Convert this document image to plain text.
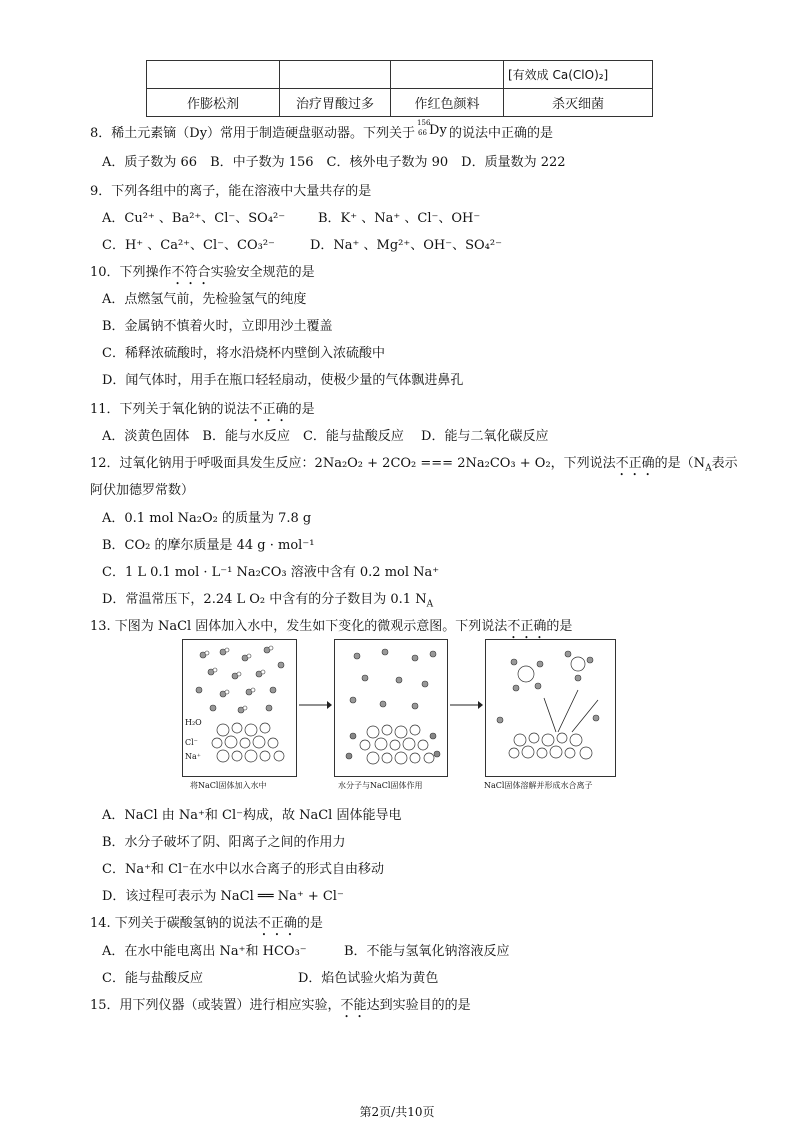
			[有效成 Ca(ClO)₂]
作膨松剂	治疗胃酸过多	作红色颜料	杀灭细菌
8．稀土元素镝（Dy）常用于制造硬盘驱动器。下列关于
156
66 Dy 的说法中正确的是
A．质子数为 66　B．中子数为 156　C．核外电子数为 90　D．质量数为 222
9．下列各组中的离子，能在溶液中大量共存的是
A．Cu²⁺ 、Ba²⁺、Cl⁻、SO₄²⁻	B．K⁺ 、Na⁺ 、Cl⁻、OH⁻
C．H⁺ 、Ca²⁺、Cl⁻、CO₃²⁻	D．Na⁺ 、Mg²⁺、OH⁻、SO₄²⁻
10．下列操作不符合实验安全规范的是
A．点燃氢气前，先检验氢气的纯度
B．金属钠不慎着火时，立即用沙土覆盖
C．稀释浓硫酸时，将水沿烧杯内壁倒入浓硫酸中
D．闻气体时，用手在瓶口轻轻扇动，使极少量的气体飘进鼻孔
11．下列关于氧化钠的说法不正确的是
A．淡黄色固体　B．能与水反应　C．能与盐酸反应　 D．能与二氧化碳反应
12．过氧化钠用于呼吸面具发生反应：2Na₂O₂ + 2CO₂ === 2Na₂CO₃ + O₂，下列说法不正确的是（$N_A$表示
阿伏加德罗常数）
A．0.1 mol Na₂O₂ 的质量为 7.8 g
B．CO₂ 的摩尔质量是 44 g · mol⁻¹
C．1 L 0.1 mol · L⁻¹ Na₂CO₃ 溶液中含有 0.2 mol Na⁺
D．常温常压下，2.24 L O₂ 中含有的分子数目为 0.1 $N_A$
13. 下图为 NaCl 固体加入水中，发生如下变化的微观示意图。下列说法不正确的是
H₂O
Cl⁻
Na⁺
将NaCl固体加入水中	水分子与NaCl固体作用	NaCl固体溶解并形成水合离子
A．NaCl 由 Na⁺和 Cl⁻构成，故 NaCl 固体能导电
B．水分子破坏了阴、阳离子之间的作用力
C．Na⁺和 Cl⁻在水中以水合离子的形式自由移动
D．该过程可表示为 NaCl ══ Na⁺ + Cl⁻
14. 下列关于碳酸氢钠的说法不正确的是
A．在水中能电离出 Na⁺和 HCO₃⁻	B．不能与氢氧化钠溶液反应
C．能与盐酸反应	D．焰色试验火焰为黄色
15．用下列仪器（或装置）进行相应实验，不能达到实验目的的是
第2页/共10页
